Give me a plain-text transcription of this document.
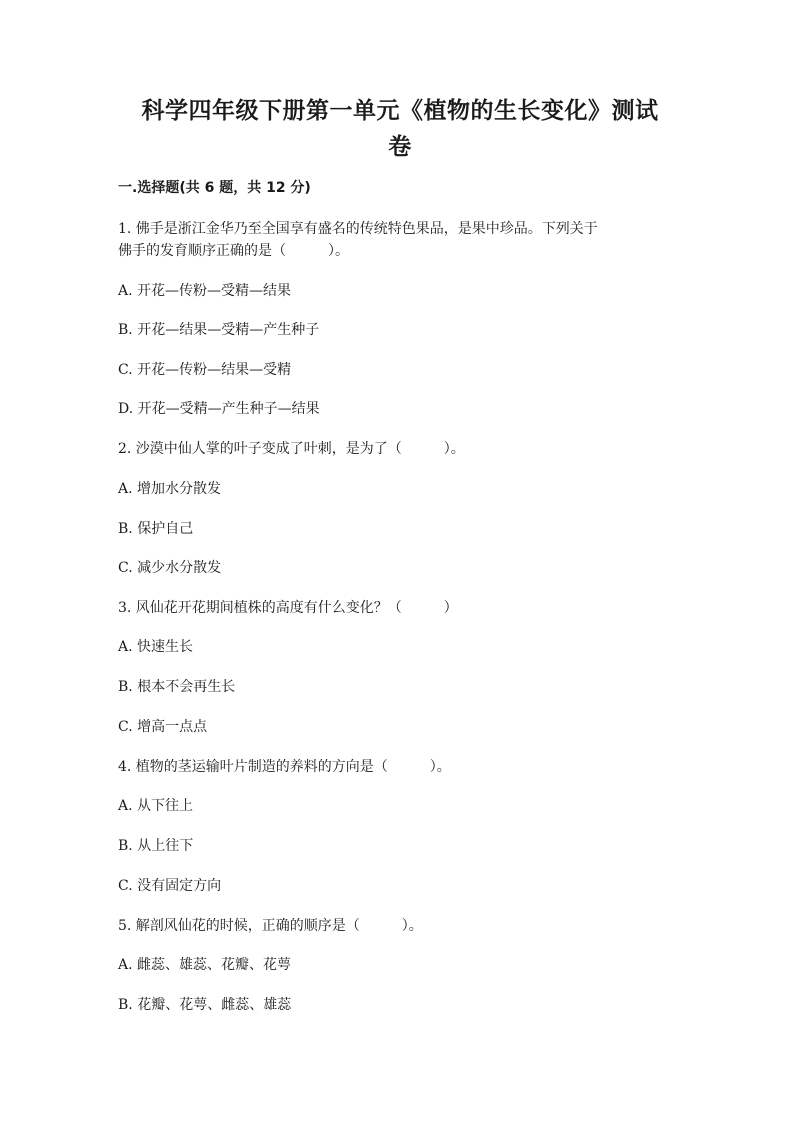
科学四年级下册第一单元《植物的生长变化》测试
卷
一.选择题(共 6 题，共 12 分)
1. 佛手是浙江金华乃至全国享有盛名的传统特色果品，是果中珍品。下列关于
佛手的发育顺序正确的是（　　　）。
A. 开花—传粉—受精—结果
B. 开花—结果—受精—产生种子
C. 开花—传粉—结果—受精
D. 开花—受精—产生种子—结果
2. 沙漠中仙人掌的叶子变成了叶刺，是为了（　　　）。
A. 增加水分散发
B. 保护自己
C. 减少水分散发
3. 风仙花开花期间植株的高度有什么变化？（　　　）
A. 快速生长
B. 根本不会再生长
C. 增高一点点
4. 植物的茎运输叶片制造的养料的方向是（　　　）。
A. 从下往上
B. 从上往下
C. 没有固定方向
5. 解剖风仙花的时候，正确的顺序是（　　　）。
A. 雌蕊、雄蕊、花瓣、花萼
B. 花瓣、花萼、雌蕊、雄蕊
